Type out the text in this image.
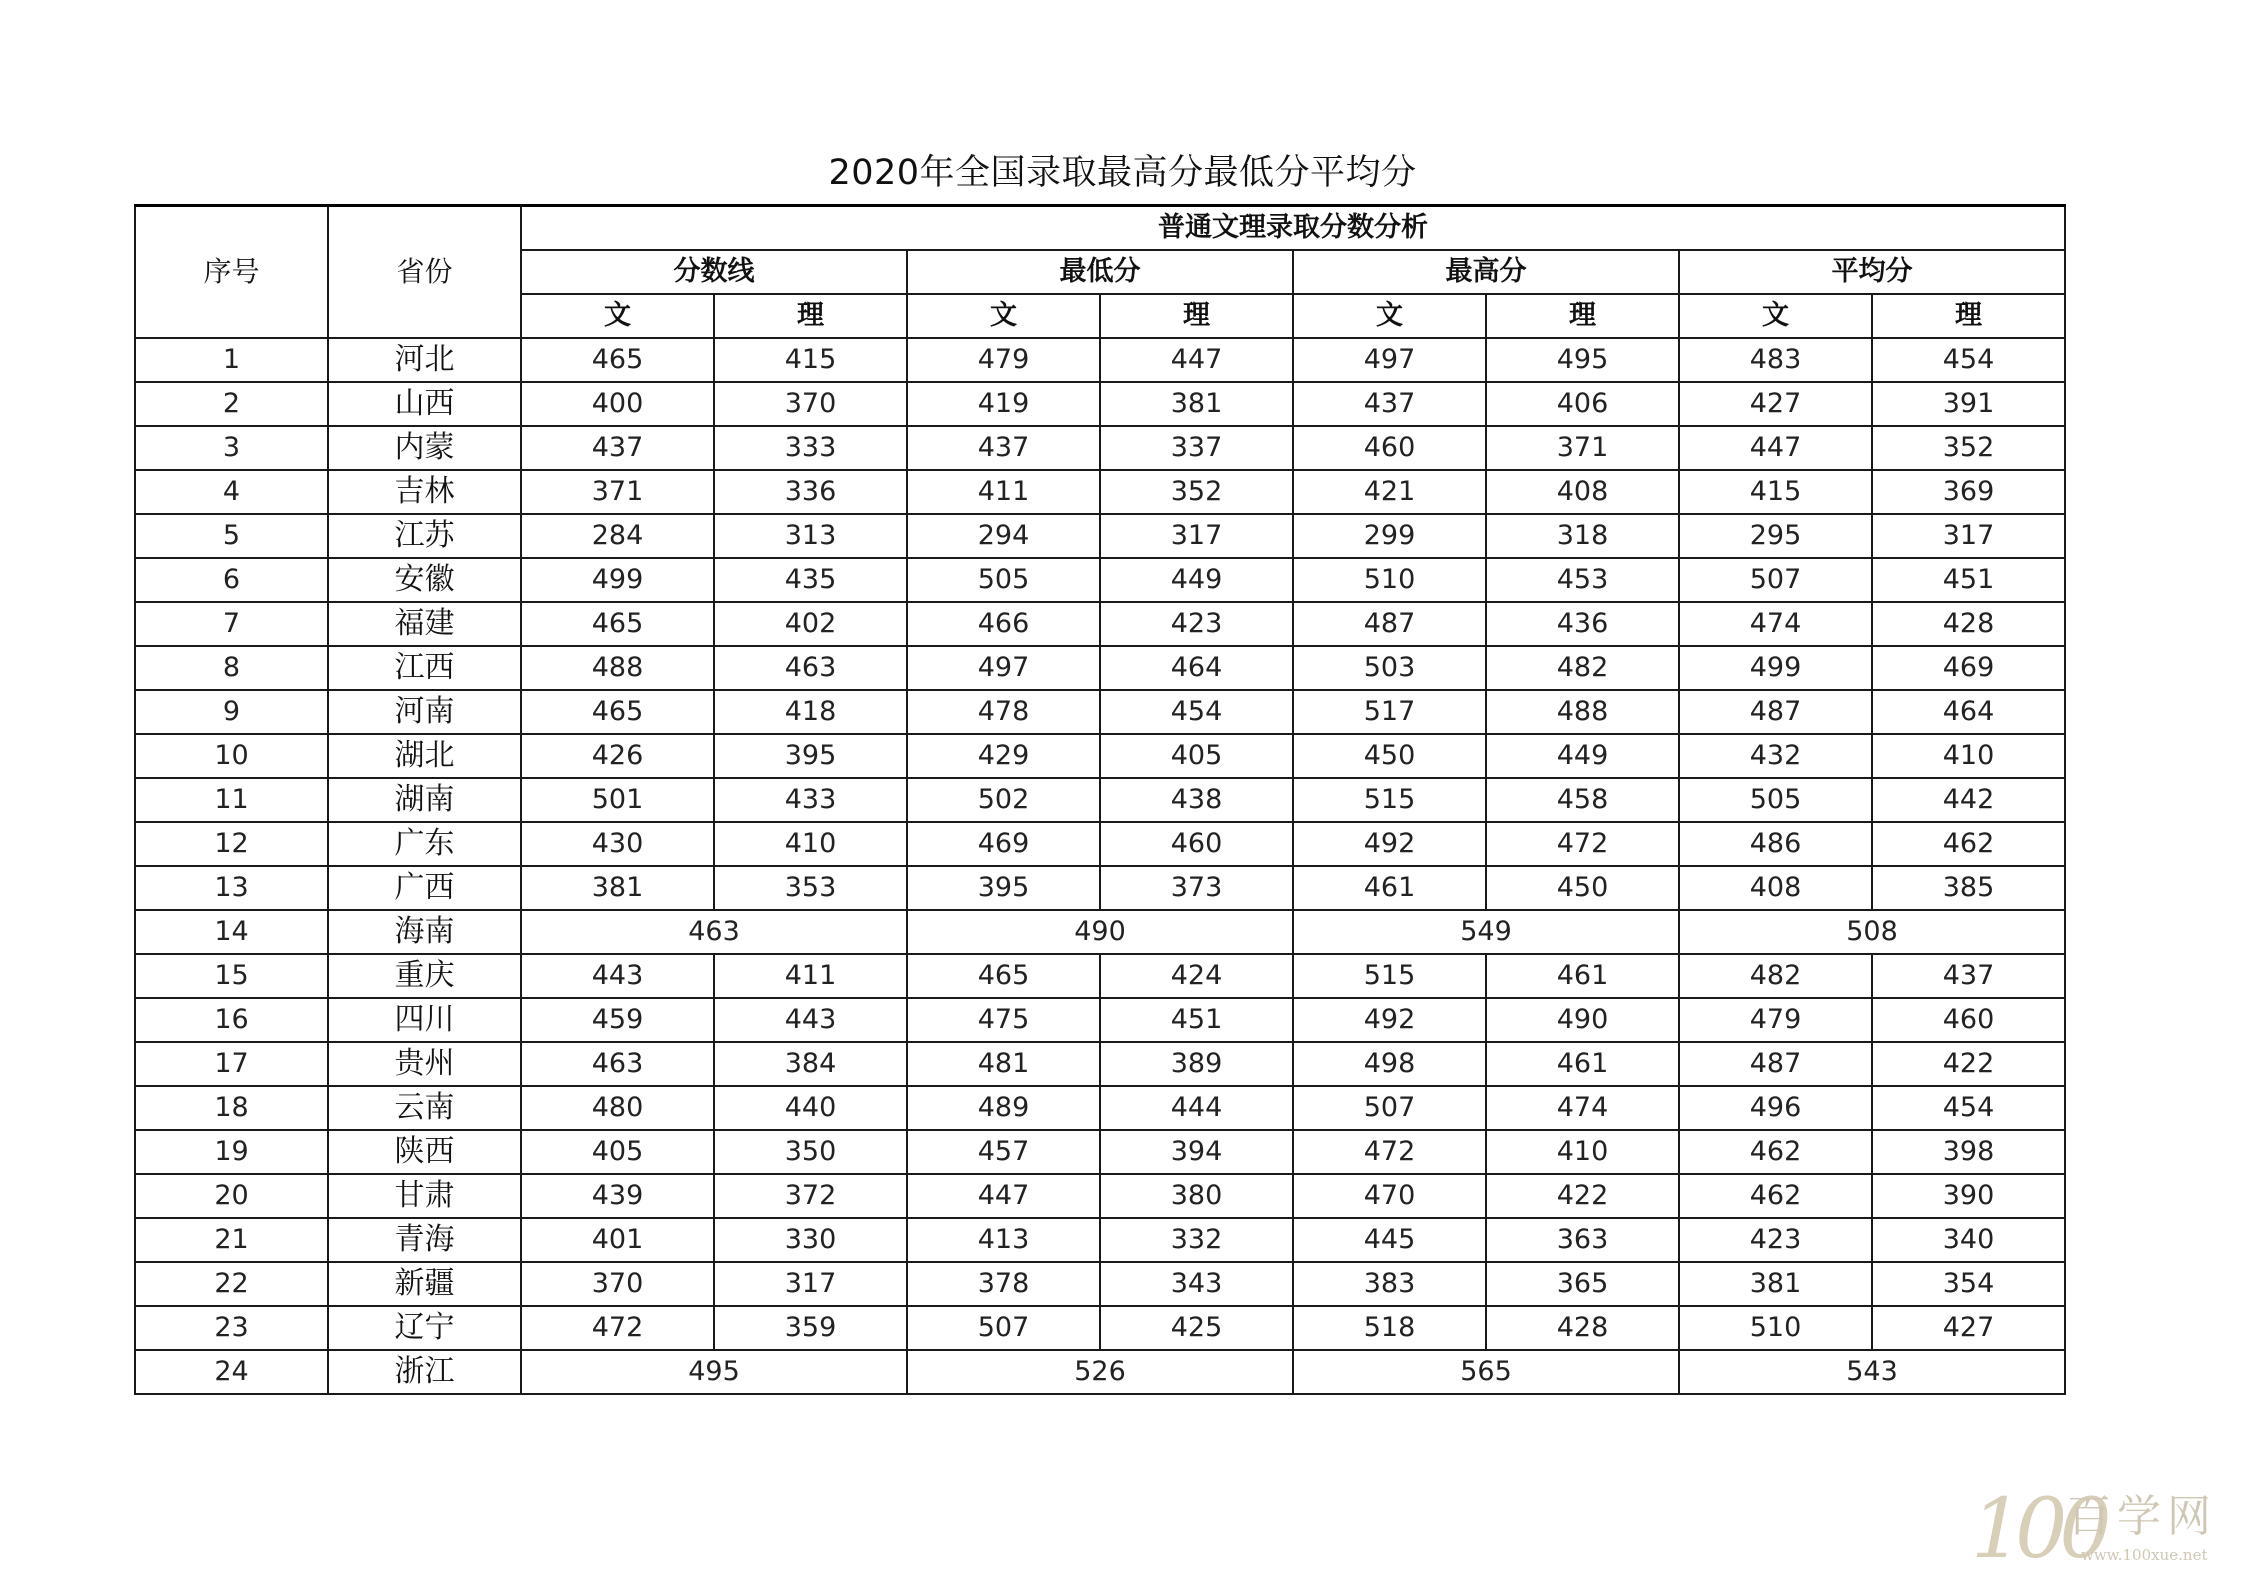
2020年全国录取最高分最低分平均分
序号	省份	普通文理录取分数分析							
		分数线		最低分		最高分		平均分	
		文	理	文	理	文	理	文	理
1	河北	465	415	479	447	497	495	483	454
2	山西	400	370	419	381	437	406	427	391
3	内蒙	437	333	437	337	460	371	447	352
4	吉林	371	336	411	352	421	408	415	369
5	江苏	284	313	294	317	299	318	295	317
6	安徽	499	435	505	449	510	453	507	451
7	福建	465	402	466	423	487	436	474	428
8	江西	488	463	497	464	503	482	499	469
9	河南	465	418	478	454	517	488	487	464
10	湖北	426	395	429	405	450	449	432	410
11	湖南	501	433	502	438	515	458	505	442
12	广东	430	410	469	460	492	472	486	462
13	广西	381	353	395	373	461	450	408	385
14	海南	463		490		549		508	
15	重庆	443	411	465	424	515	461	482	437
16	四川	459	443	475	451	492	490	479	460
17	贵州	463	384	481	389	498	461	487	422
18	云南	480	440	489	444	507	474	496	454
19	陕西	405	350	457	394	472	410	462	398
20	甘肃	439	372	447	380	470	422	462	390
21	青海	401	330	413	332	445	363	423	340
22	新疆	370	317	378	343	383	365	381	354
23	辽宁	472	359	507	425	518	428	510	427
24	浙江	495		526		565		543	
100
百学网
www.100xue.net
